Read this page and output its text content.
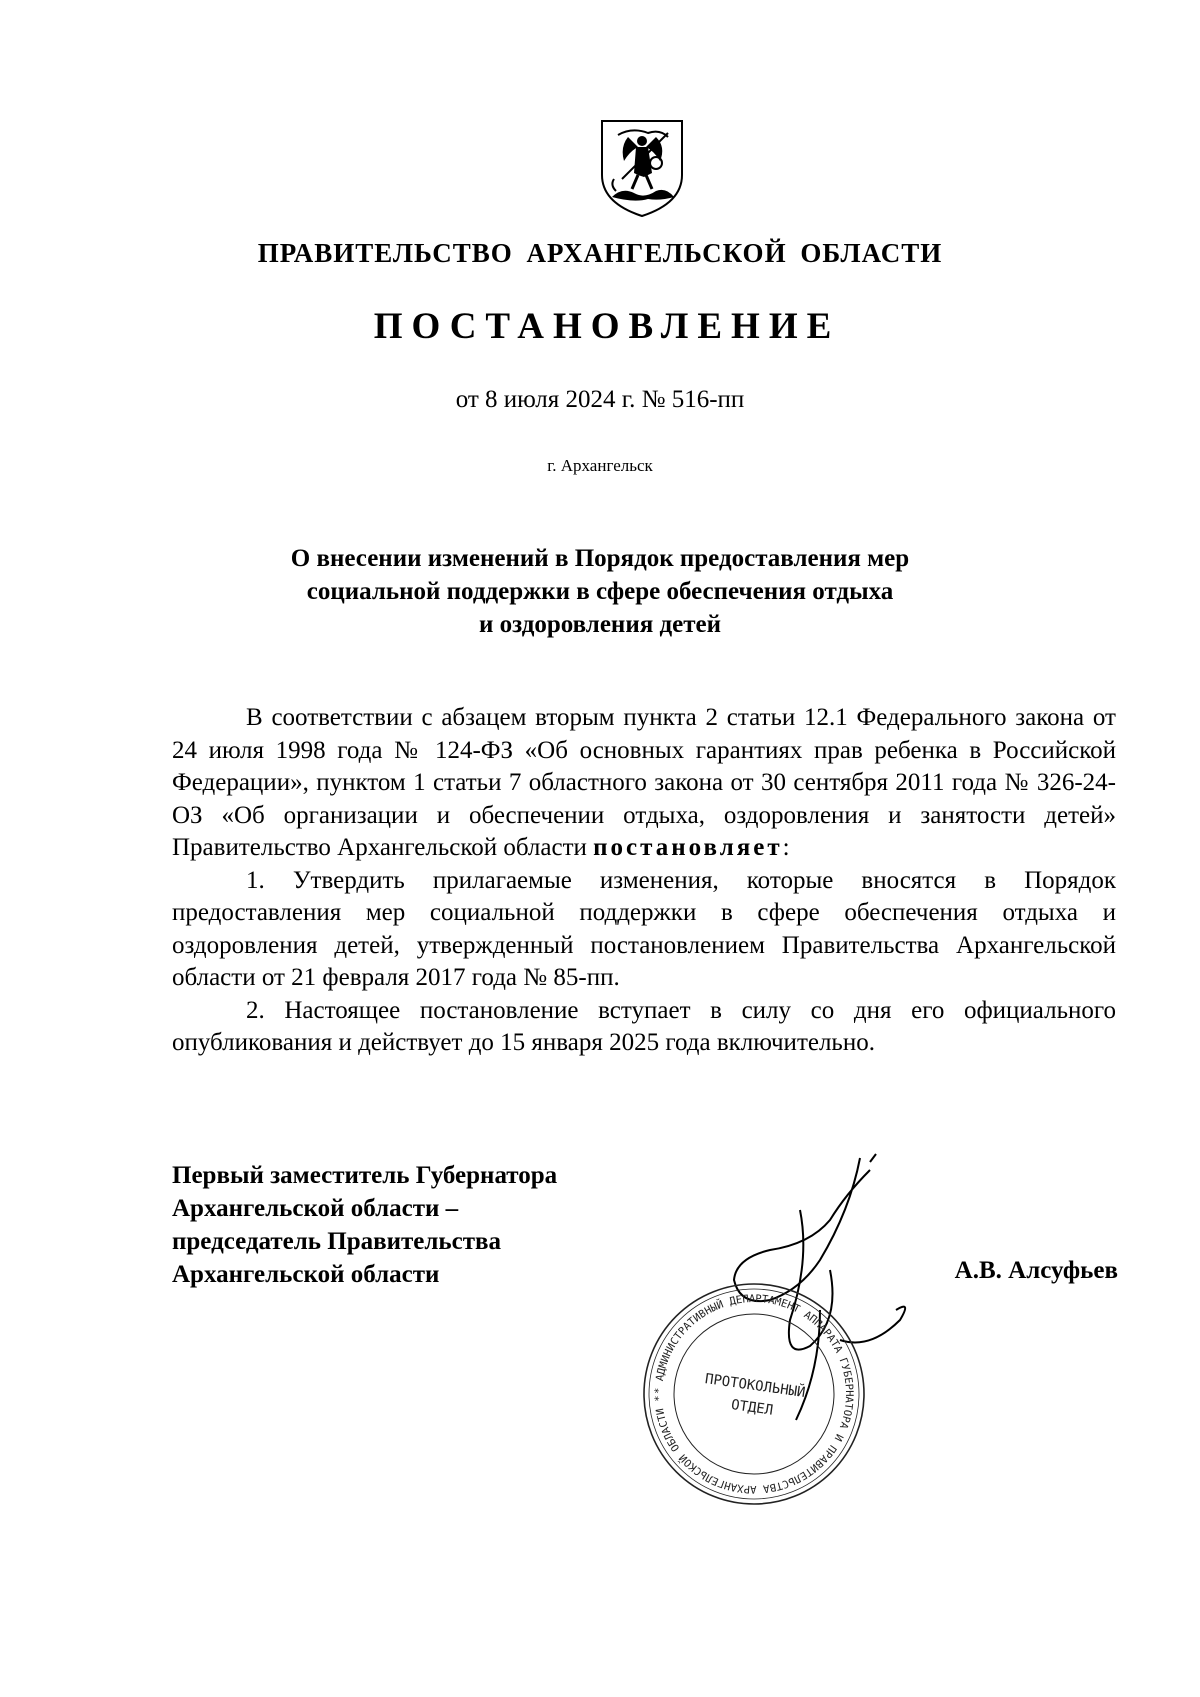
ПРАВИТЕЛЬСТВО АРХАНГЕЛЬСКОЙ ОБЛАСТИ
ПОСТАНОВЛЕНИЕ
от 8 июля 2024 г. № 516-пп
г. Архангельск
О внесении изменений в Порядок предоставления мер
социальной поддержки в сфере обеспечения отдыха
и оздоровления детей

В соответствии с абзацем вторым пункта 2 статьи 12.1 Федерального закона от 24 июля 1998 года № 124-ФЗ «Об основных гарантиях прав ребенка в Российской Федерации», пунктом 1 статьи 7 областного закона от 30 сентября 2011 года № 326-24-ОЗ «Об организации и обеспечении отдыха, оздоровления и занятости детей» Правительство Архангельской области постановляет:

1. Утвердить прилагаемые изменения, которые вносятся в Порядок предоставления мер социальной поддержки в сфере обеспечения отдыха и оздоровления детей, утвержденный постановлением Правительства Архангельской области от 21 февраля 2017 года № 85-пп.

2. Настоящее постановление вступает в силу со дня его официального опубликования и действует до 15 января 2025 года включительно.

Первый заместитель Губернатора
Архангельской области –
председатель Правительства
Архангельской области
* АДМИНИСТРАТИВНЫЙ ДЕПАРТАМЕНТ АППАРАТА ГУБЕРНАТОРА И ПРАВИТЕЛЬСТВА АРХАНГЕЛЬСКОЙ ОБЛАСТИ *	ПРОТОКОЛЬНЫЙ
ОТДЕЛ
А.В. Алсуфьев
